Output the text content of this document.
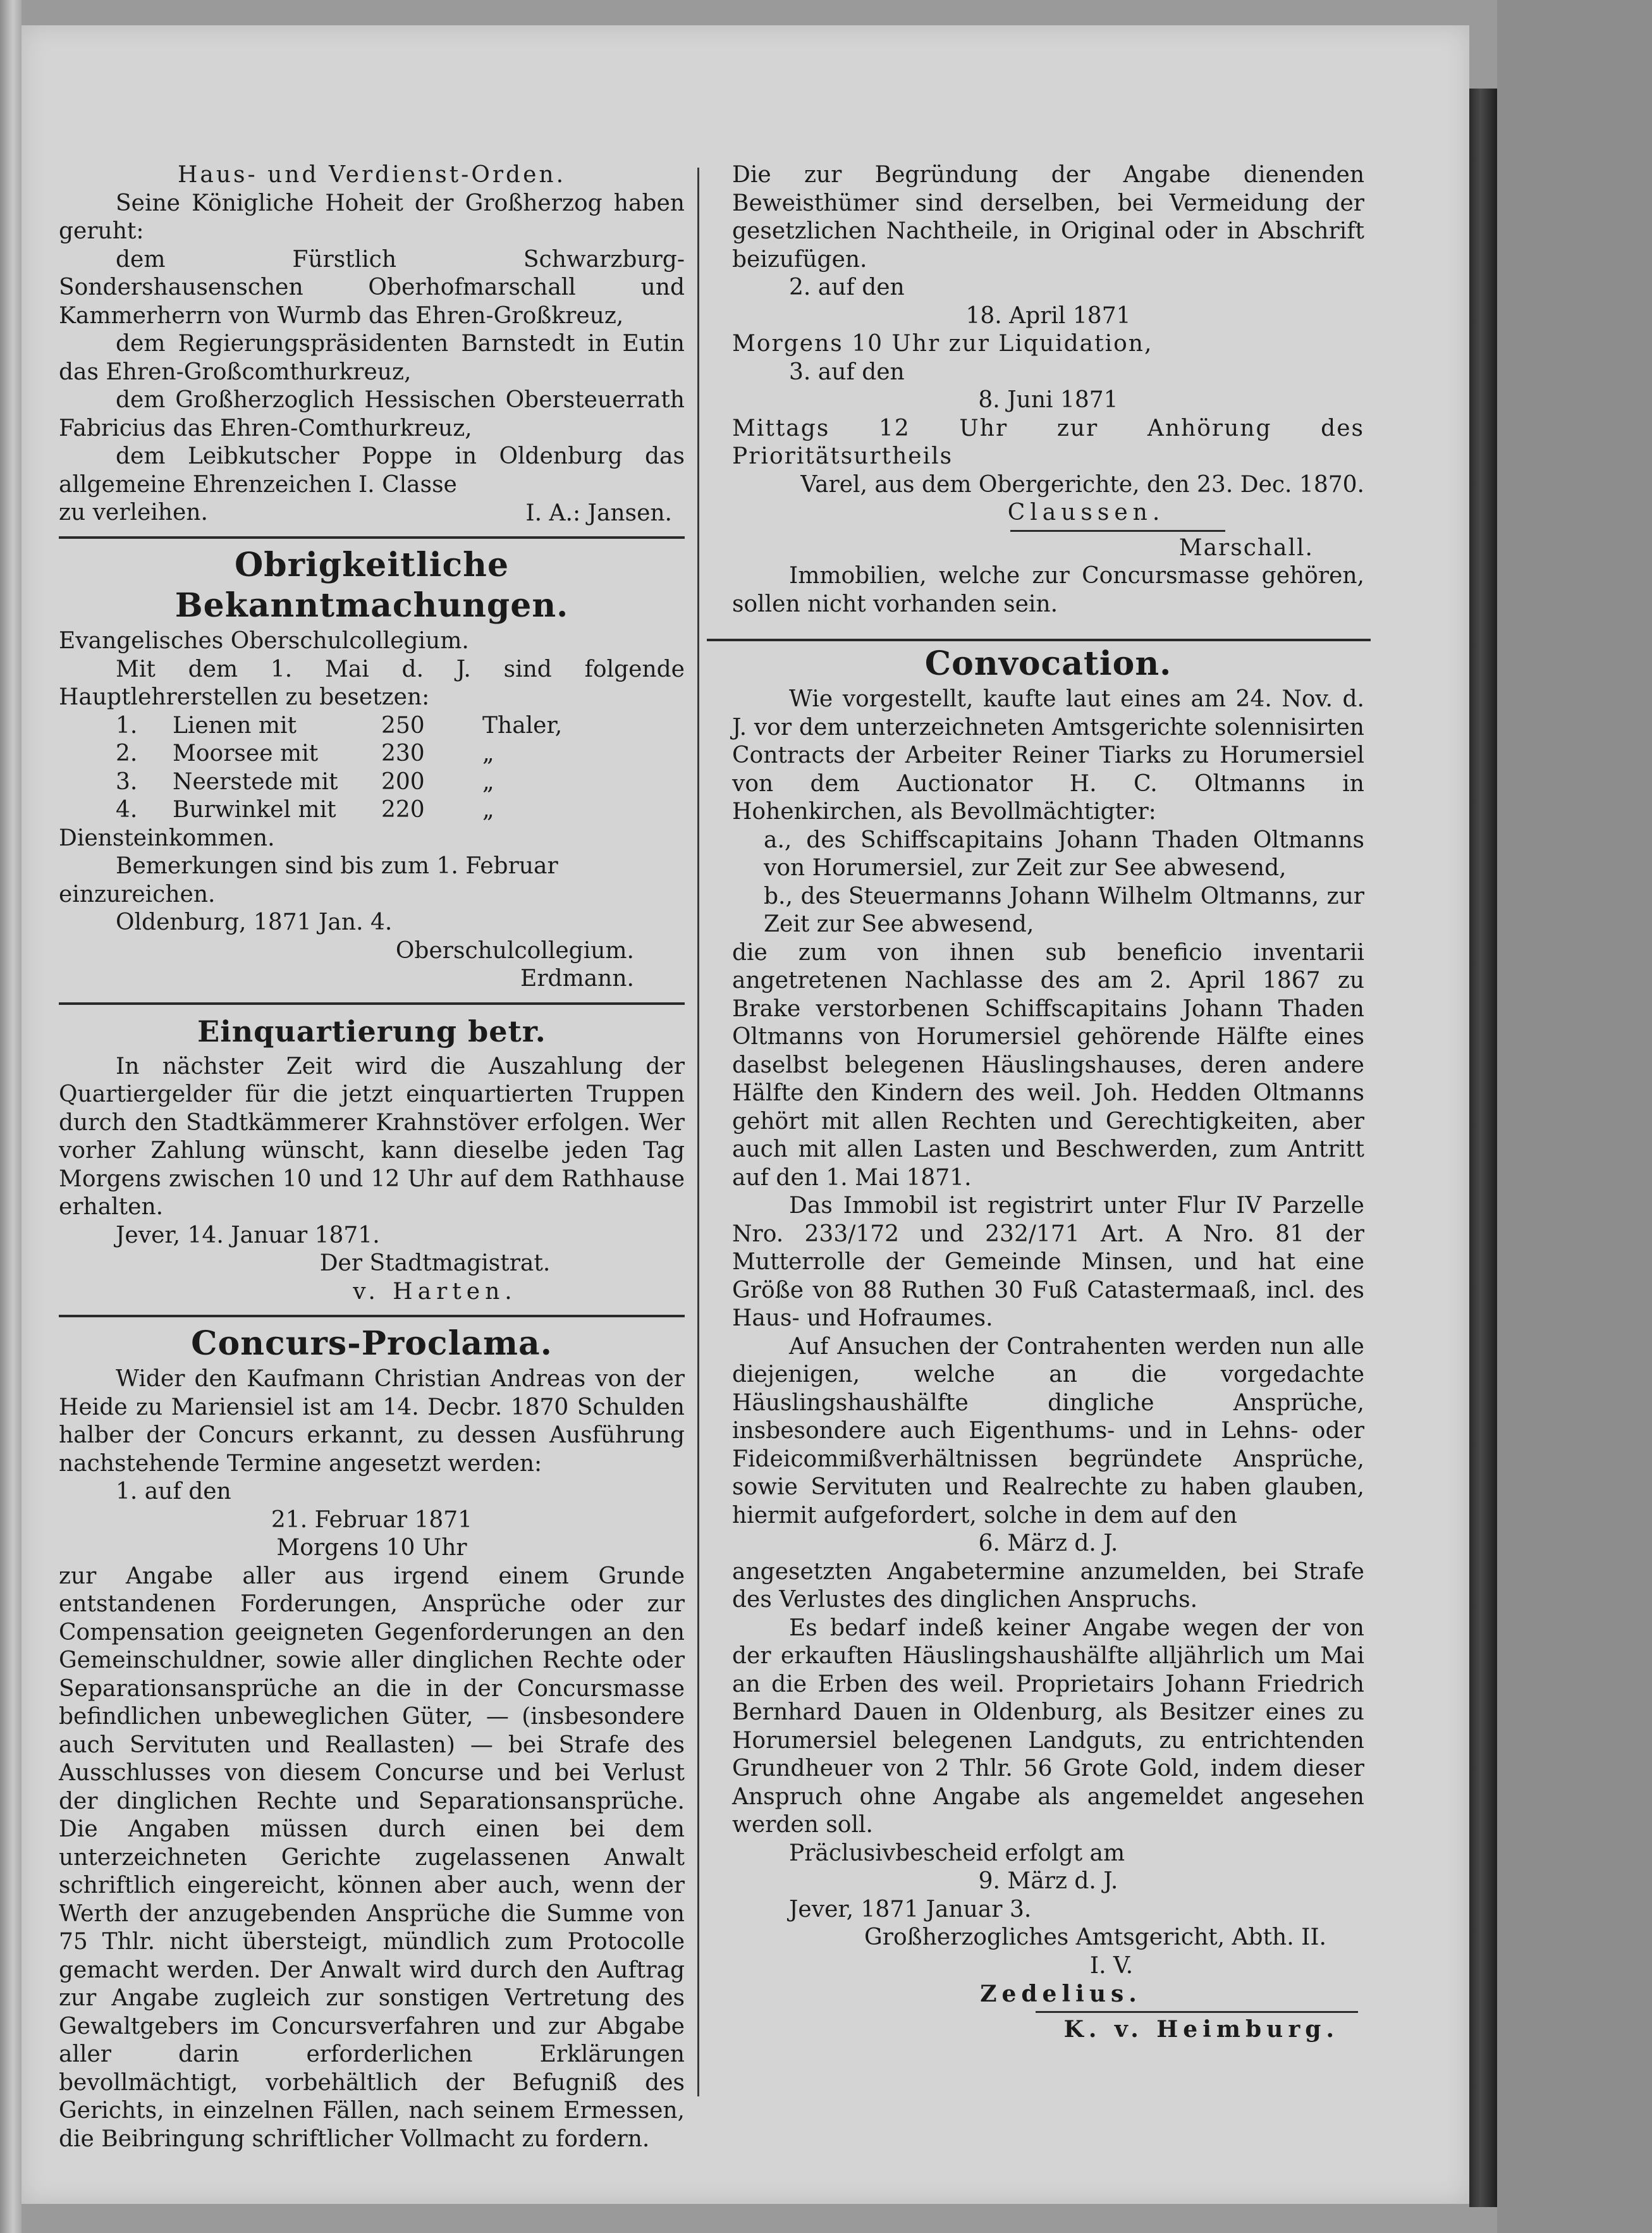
Haus- und Verdienst-Orden.

Seine Königliche Hoheit der Großherzog haben geruht:

dem Fürstlich Schwarzburg-Sondershausenschen Oberhofmarschall und Kammerherrn von Wurmb das Ehren-Großkreuz,

dem Regierungspräsidenten Barnstedt in Eutin das Ehren-Großcomthurkreuz,

dem Großherzoglich Hessischen Obersteuerrath Fabricius das Ehren-Comthurkreuz,

dem Leibkutscher Poppe in Oldenburg das allgemeine Ehrenzeichen I. Classe

zu verleihen.	I. A.: Jansen.

Obrigkeitliche Bekanntmachungen.

Evangelisches Oberschulcollegium.

Mit dem 1. Mai d. J. sind folgende Hauptlehrerstellen zu besetzen:

1.	Lienen mit	250	Thaler,
2.	Moorsee mit	230	„
3.	Neerstede mit	200	„
4.	Burwinkel mit	220	„

Diensteinkommen.

Bemerkungen sind bis zum 1. Februar einzureichen.

Oldenburg, 1871 Jan. 4.

Oberschulcollegium.

Erdmann.

Einquartierung betr.

In nächster Zeit wird die Auszahlung der Quartiergelder für die jetzt einquartierten Truppen durch den Stadtkämmerer Krahnstöver erfolgen. Wer vorher Zahlung wünscht, kann dieselbe jeden Tag Morgens zwischen 10 und 12 Uhr auf dem Rathhause erhalten.

Jever, 14. Januar 1871.

Der Stadtmagistrat.

v. Harten.

Concurs-Proclama.

Wider den Kaufmann Christian Andreas von der Heide zu Mariensiel ist am 14. Decbr. 1870 Schulden halber der Concurs erkannt, zu dessen Ausführung nachstehende Termine angesetzt werden:

1. auf den

21. Februar 1871

Morgens 10 Uhr

zur Angabe aller aus irgend einem Grunde entstandenen Forderungen, Ansprüche oder zur Compensation geeigneten Gegenforderungen an den Gemeinschuldner, sowie aller dinglichen Rechte oder Separationsansprüche an die in der Concursmasse befindlichen unbeweglichen Güter, — (insbesondere auch Servituten und Reallasten) — bei Strafe des Ausschlusses von diesem Concurse und bei Verlust der dinglichen Rechte und Separationsansprüche. Die Angaben müssen durch einen bei dem unterzeichneten Gerichte zugelassenen Anwalt schriftlich eingereicht, können aber auch, wenn der Werth der anzugebenden Ansprüche die Summe von 75 Thlr. nicht übersteigt, mündlich zum Protocolle gemacht werden. Der Anwalt wird durch den Auftrag zur Angabe zugleich zur sonstigen Vertretung des Gewaltgebers im Concursverfahren und zur Abgabe aller darin erforderlichen Erklärungen bevollmächtigt, vorbehältlich der Befugniß des Gerichts, in einzelnen Fällen, nach seinem Ermessen, die Beibringung schriftlicher Vollmacht zu fordern.

Die zur Begründung der Angabe dienenden Beweisthümer sind derselben, bei Vermeidung der gesetzlichen Nachtheile, in Original oder in Abschrift beizufügen.

2. auf den

18. April 1871

Morgens 10 Uhr zur Liquidation,

3. auf den

8. Juni 1871

Mittags 12 Uhr zur Anhörung des Prioritätsurtheils

Varel, aus dem Obergerichte, den 23. Dec. 1870.

Claussen.

Marschall.

Immobilien, welche zur Concursmasse gehören, sollen nicht vorhanden sein.

Convocation.

Wie vorgestellt, kaufte laut eines am 24. Nov. d. J. vor dem unterzeichneten Amtsgerichte solennisirten Contracts der Arbeiter Reiner Tiarks zu Horumersiel von dem Auctionator H. C. Oltmanns in Hohenkirchen, als Bevollmächtigter:

a., des Schiffscapitains Johann Thaden Oltmanns von Horumersiel, zur Zeit zur See abwesend,

b., des Steuermanns Johann Wilhelm Oltmanns, zur Zeit zur See abwesend,

die zum von ihnen sub beneficio inventarii angetretenen Nachlasse des am 2. April 1867 zu Brake verstorbenen Schiffscapitains Johann Thaden Oltmanns von Horumersiel gehörende Hälfte eines daselbst belegenen Häuslingshauses, deren andere Hälfte den Kindern des weil. Joh. Hedden Oltmanns gehört mit allen Rechten und Gerechtigkeiten, aber auch mit allen Lasten und Beschwerden, zum Antritt auf den 1. Mai 1871.

Das Immobil ist registrirt unter Flur IV Parzelle Nro. 233/172 und 232/171 Art. A Nro. 81 der Mutterrolle der Gemeinde Minsen, und hat eine Größe von 88 Ruthen 30 Fuß Catastermaaß, incl. des Haus- und Hofraumes.

Auf Ansuchen der Contrahenten werden nun alle diejenigen, welche an die vorgedachte Häuslingshaushälfte dingliche Ansprüche, insbesondere auch Eigenthums- und in Lehns- oder Fideicommißverhältnissen begründete Ansprüche, sowie Servituten und Realrechte zu haben glauben, hiermit aufgefordert, solche in dem auf den

6. März d. J.

angesetzten Angabetermine anzumelden, bei Strafe des Verlustes des dinglichen Anspruchs.

Es bedarf indeß keiner Angabe wegen der von der erkauften Häuslingshaushälfte alljährlich um Mai an die Erben des weil. Proprietairs Johann Friedrich Bernhard Dauen in Oldenburg, als Besitzer eines zu Horumersiel belegenen Landguts, zu entrichtenden Grundheuer von 2 Thlr. 56 Grote Gold, indem dieser Anspruch ohne Angabe als angemeldet angesehen werden soll.

Präclusivbescheid erfolgt am

9. März d. J.

Jever, 1871 Januar 3.

Großherzogliches Amtsgericht, Abth. II.

I. V.

Zedelius.

K. v. Heimburg.
